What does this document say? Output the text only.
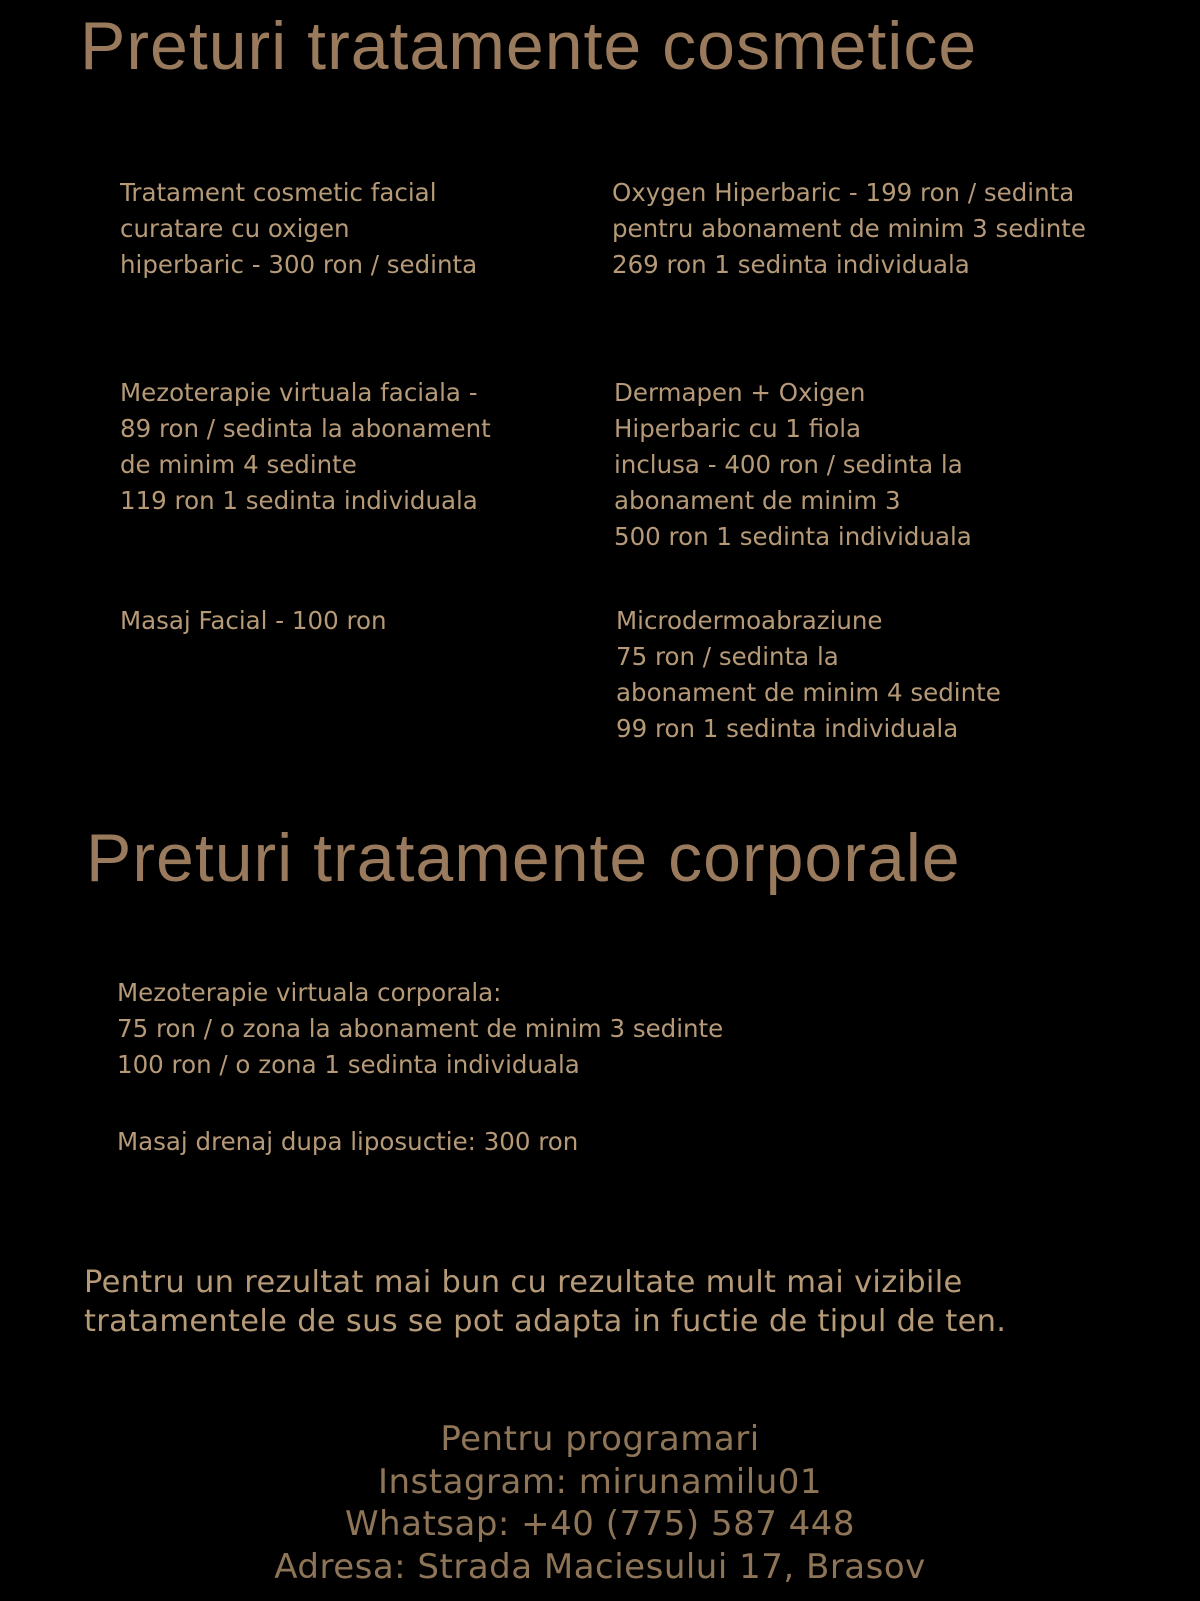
Preturi tratamente cosmetice
Tratament cosmetic facial
curatare cu oxigen
hiperbaric - 300 ron / sedinta
Oxygen Hiperbaric - 199 ron / sedinta
pentru abonament de minim 3 sedinte
269 ron 1 sedinta individuala
Mezoterapie virtuala faciala -
89 ron / sedinta la abonament
de minim 4 sedinte
119 ron 1 sedinta individuala
Dermapen + Oxigen
Hiperbaric cu 1 fiola
inclusa - 400 ron / sedinta la
abonament de minim 3
500 ron 1 sedinta individuala
Masaj Facial - 100 ron	Microdermoabraziune
75 ron / sedinta la
abonament de minim 4 sedinte
99 ron 1 sedinta individuala
Preturi tratamente corporale
Mezoterapie virtuala corporala:
75 ron / o zona la abonament de minim 3 sedinte
100 ron / o zona 1 sedinta individuala
Masaj drenaj dupa liposuctie: 300 ron
Pentru un rezultat mai bun cu rezultate mult mai vizibile
tratamentele de sus se pot adapta in fuctie de tipul de ten.
Pentru programari
Instagram: mirunamilu01
Whatsap: +40 (775) 587 448
Adresa: Strada Maciesului 17, Brasov
